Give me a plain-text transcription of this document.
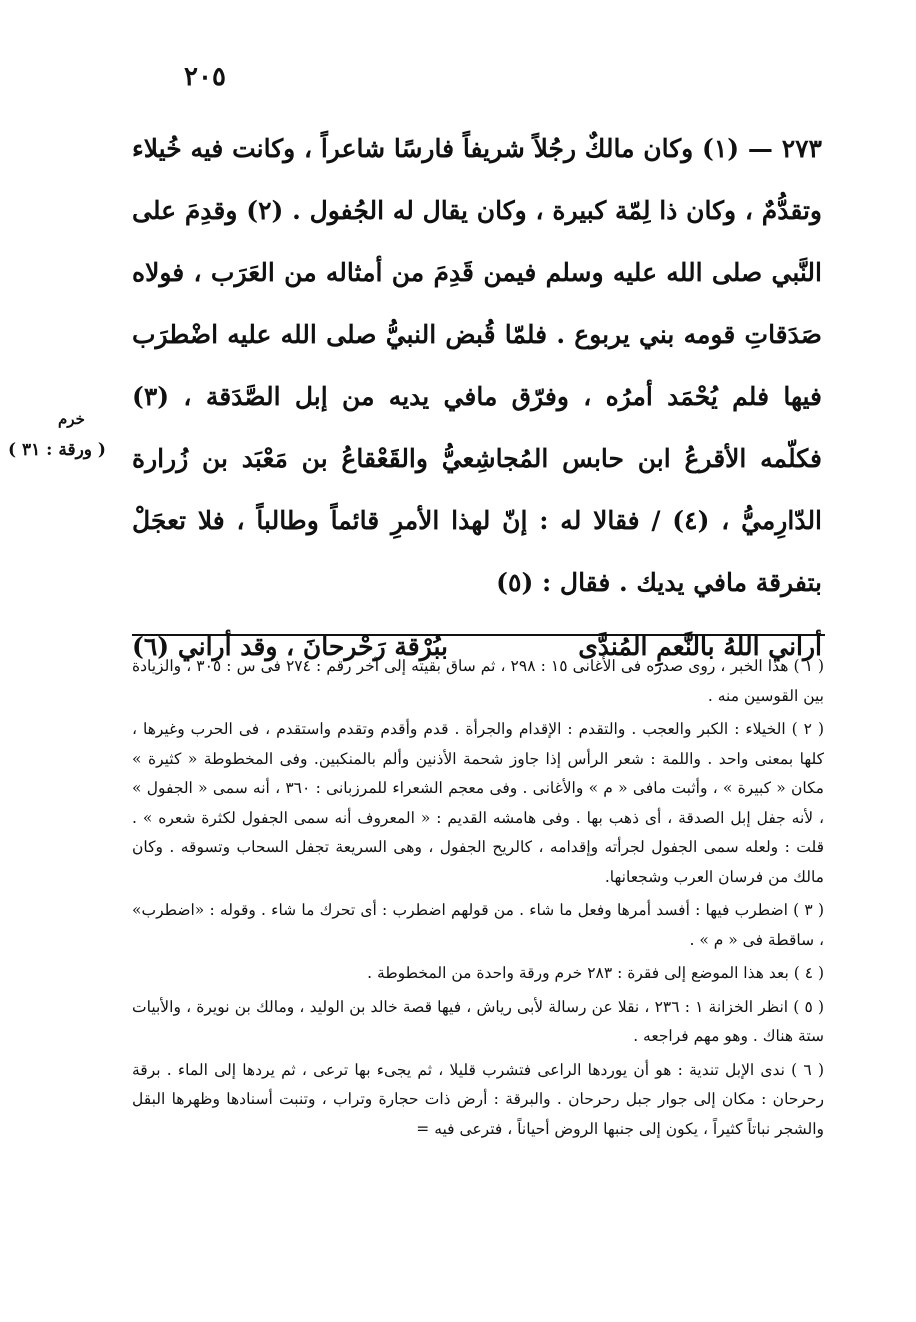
٢٠٥

٢٧٣ — (١) وكان مالكٌ رجُلاً شريفاً فارسًا شاعراً ، وكانت فيه خُيلاء وتقدُّمٌ ، وكان ذا لِمّة كبيرة ، وكان يقال له الجُفول . (٢) وقدِمَ على النَّبي صلى الله عليه وسلم فيمن قَدِمَ من أمثاله من العَرَب ، فولاه صَدَقاتِ قومه بني يربوع . فلمّا قُبض النبيُّ صلى الله عليه اضْطرَب فيها فلم يُحْمَد أمرُه ، وفرّق مافي يديه من إبل الصَّدَقة ، (٣) فكلّمه الأقرعُ ابن حابس المُجاشِعيُّ والقَعْقاعُ بن مَعْبَد بن زُرارة الدّارِميُّ ، (٤) / فقالا له : إنّ لهذا الأمرِ قائماً وطالباً ، فلا تعجَلْ بتفرقة مافي يديك . فقال : (٥)

أراني اللهُ بالنَّعمِ المُندَّى
ببُرْقة رَحْرحانَ ، وقد أراني (٦)
خرم
( ورقة : ٣١ )

( ١ ) هذا الخبر ، روى صدره فى الأغانى ١٥ : ٢٩٨ ، ثم ساق بقيته إلى آخر رقم : ٢٧٤ فى س : ٣٠٥ ، والزيادة بين القوسين منه .

( ٢ ) الخيلاء : الكبر والعجب . والتقدم : الإقدام والجرأة . قدم وأقدم وتقدم واستقدم ، فى الحرب وغيرها ، كلها بمعنى واحد . واللمة : شعر الرأس إذا جاوز شحمة الأذنين وألم بالمنكبين. وفى المخطوطة « كثيرة » مكان « كبيرة » ، وأثبت مافى « م » والأغانى . وفى معجم الشعراء للمرزبانى : ٣٦٠ ، أنه سمى « الجفول » ، لأنه جفل إبل الصدقة ، أى ذهب بها . وفى هامشه القديم : « المعروف أنه سمى الجفول لكثرة شعره » . قلت : ولعله سمى الجفول لجرأته وإقدامه ، كالريح الجفول ، وهى السريعة تجفل السحاب وتسوقه . وكان مالك من فرسان العرب وشجعانها.

( ٣ ) اضطرب فيها : أفسد أمرها وفعل ما شاء . من قولهم اضطرب : أى تحرك ما شاء . وقوله : «اضطرب» ، ساقطة فى « م » .

( ٤ ) بعد هذا الموضع إلى فقرة : ٢٨٣ خرم ورقة واحدة من المخطوطة .

( ٥ ) انظر الخزانة ١ : ٢٣٦ ، نقلا عن رسالة لأبى رياش ، فيها قصة خالد بن الوليد ، ومالك بن نويرة ، والأبيات ستة هناك . وهو مهم فراجعه .

( ٦ ) ندى الإبل تندية : هو أن يوردها الراعى فتشرب قليلا ، ثم يجىء بها ترعى ، ثم يردها إلى الماء . برقة رحرحان : مكان إلى جوار جبل رحرحان . والبرقة : أرض ذات حجارة وتراب ، وتنبت أسنادها وظهرها البقل والشجر نباتاً كثيراً ، يكون إلى جنبها الروض أحياناً ، فترعى فيه =
